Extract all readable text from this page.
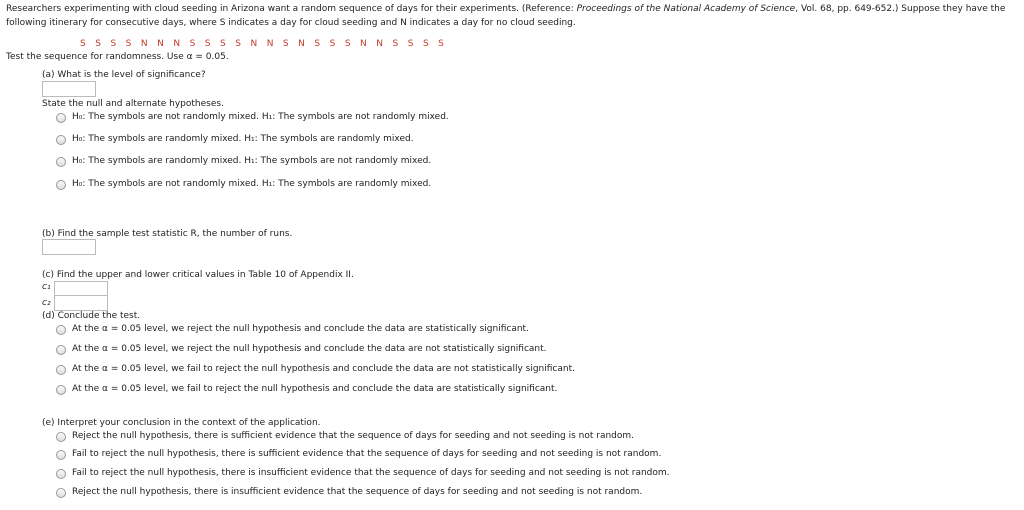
Researchers experimenting with cloud seeding in Arizona want a random sequence of days for their experiments. (Reference: Proceedings of the National Academy of Science, Vol. 68, pp. 649-652.) Suppose they have the
following itinerary for consecutive days, where S indicates a day for cloud seeding and N indicates a day for no cloud seeding.
S S S S N N N S S S S N N S N S S S N N S S S S
Test the sequence for randomness. Use α = 0.05.
(a) What is the level of significance?
State the null and alternate hypotheses.
H₀: The symbols are not randomly mixed. H₁: The symbols are not randomly mixed.
H₀: The symbols are randomly mixed. H₁: The symbols are randomly mixed.
H₀: The symbols are randomly mixed. H₁: The symbols are not randomly mixed.
H₀: The symbols are not randomly mixed. H₁: The symbols are randomly mixed.
(b) Find the sample test statistic R, the number of runs.
(c) Find the upper and lower critical values in Table 10 of Appendix II.
c₁
c₂
(d) Conclude the test.
At the α = 0.05 level, we reject the null hypothesis and conclude the data are statistically significant.
At the α = 0.05 level, we reject the null hypothesis and conclude the data are not statistically significant.
At the α = 0.05 level, we fail to reject the null hypothesis and conclude the data are not statistically significant.
At the α = 0.05 level, we fail to reject the null hypothesis and conclude the data are statistically significant.
(e) Interpret your conclusion in the context of the application.
Reject the null hypothesis, there is sufficient evidence that the sequence of days for seeding and not seeding is not random.
Fail to reject the null hypothesis, there is sufficient evidence that the sequence of days for seeding and not seeding is not random.
Fail to reject the null hypothesis, there is insufficient evidence that the sequence of days for seeding and not seeding is not random.
Reject the null hypothesis, there is insufficient evidence that the sequence of days for seeding and not seeding is not random.
